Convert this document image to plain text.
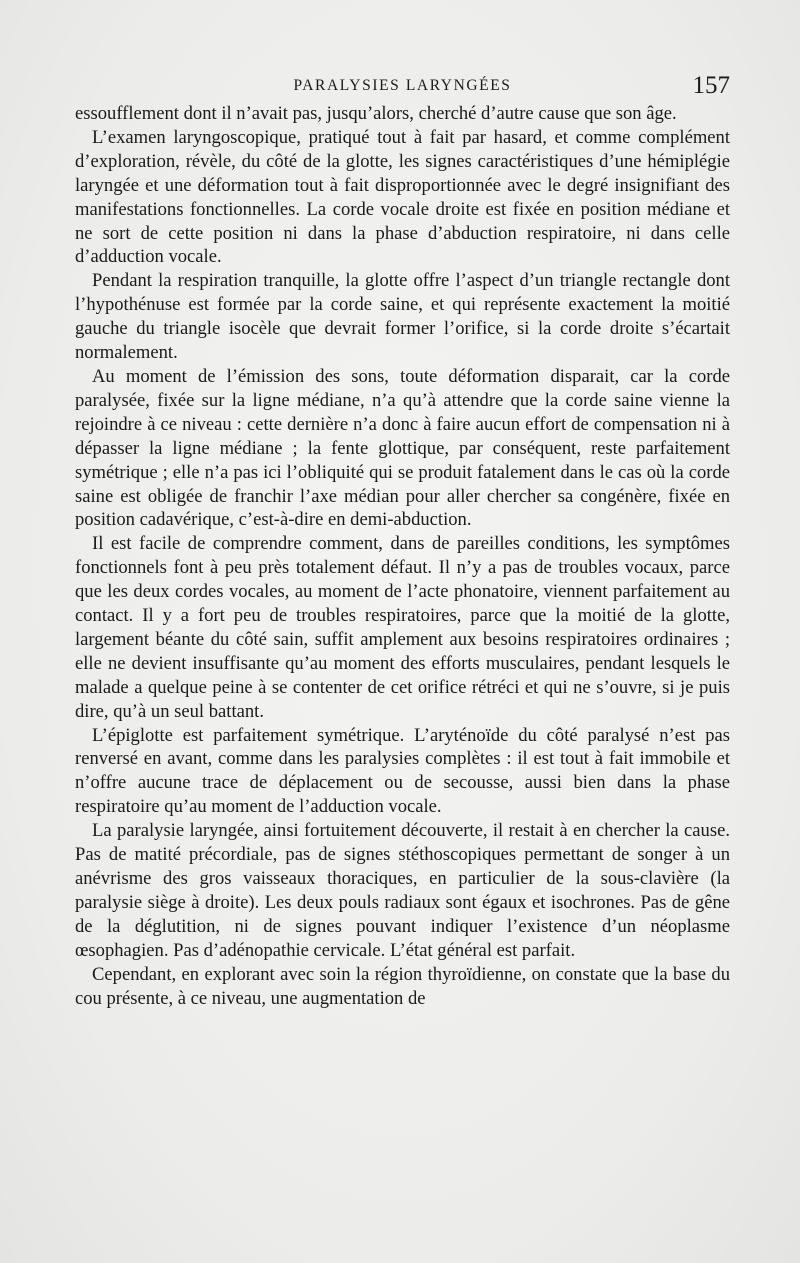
PARALYSIES LARYNGÉES	157

essoufflement dont il n’avait pas, jusqu’alors, cherché d’autre cause que son âge.

L’examen laryngoscopique, pratiqué tout à fait par hasard, et comme complément d’exploration, révèle, du côté de la glotte, les signes caractéristiques d’une hémiplégie laryngée et une déformation tout à fait disproportionnée avec le degré insignifiant des manifestations fonctionnelles. La corde vocale droite est fixée en position médiane et ne sort de cette position ni dans la phase d’abduction respiratoire, ni dans celle d’adduction vocale.

Pendant la respiration tranquille, la glotte offre l’aspect d’un triangle rectangle dont l’hypothénuse est formée par la corde saine, et qui représente exactement la moitié gauche du triangle isocèle que devrait former l’orifice, si la corde droite s’écartait normalement.

Au moment de l’émission des sons, toute déformation disparait, car la corde paralysée, fixée sur la ligne médiane, n’a qu’à attendre que la corde saine vienne la rejoindre à ce niveau : cette dernière n’a donc à faire aucun effort de compensation ni à dépasser la ligne médiane ; la fente glottique, par conséquent, reste parfaitement symétrique ; elle n’a pas ici l’obliquité qui se produit fatalement dans le cas où la corde saine est obligée de franchir l’axe médian pour aller chercher sa congénère, fixée en position cadavérique, c’est-à-dire en demi-abduction.

Il est facile de comprendre comment, dans de pareilles conditions, les symptômes fonctionnels font à peu près totalement défaut. Il n’y a pas de troubles vocaux, parce que les deux cordes vocales, au moment de l’acte phonatoire, viennent parfaitement au contact. Il y a fort peu de troubles respiratoires, parce que la moitié de la glotte, largement béante du côté sain, suffit amplement aux besoins respiratoires ordinaires ; elle ne devient insuffisante qu’au moment des efforts musculaires, pendant lesquels le malade a quelque peine à se contenter de cet orifice rétréci et qui ne s’ouvre, si je puis dire, qu’à un seul battant.

L’épiglotte est parfaitement symétrique. L’aryténoïde du côté paralysé n’est pas renversé en avant, comme dans les paralysies complètes : il est tout à fait immobile et n’offre aucune trace de déplacement ou de secousse, aussi bien dans la phase respiratoire qu’au moment de l’adduction vocale.

La paralysie laryngée, ainsi fortuitement découverte, il restait à en chercher la cause. Pas de matité précordiale, pas de signes stéthoscopiques permettant de songer à un anévrisme des gros vaisseaux thoraciques, en particulier de la sous-clavière (la paralysie siège à droite). Les deux pouls radiaux sont égaux et isochrones. Pas de gêne de la déglutition, ni de signes pouvant indiquer l’existence d’un néoplasme œsophagien. Pas d’adénopathie cervicale. L’état général est parfait.

Cependant, en explorant avec soin la région thyroïdienne, on constate que la base du cou présente, à ce niveau, une augmentation de
